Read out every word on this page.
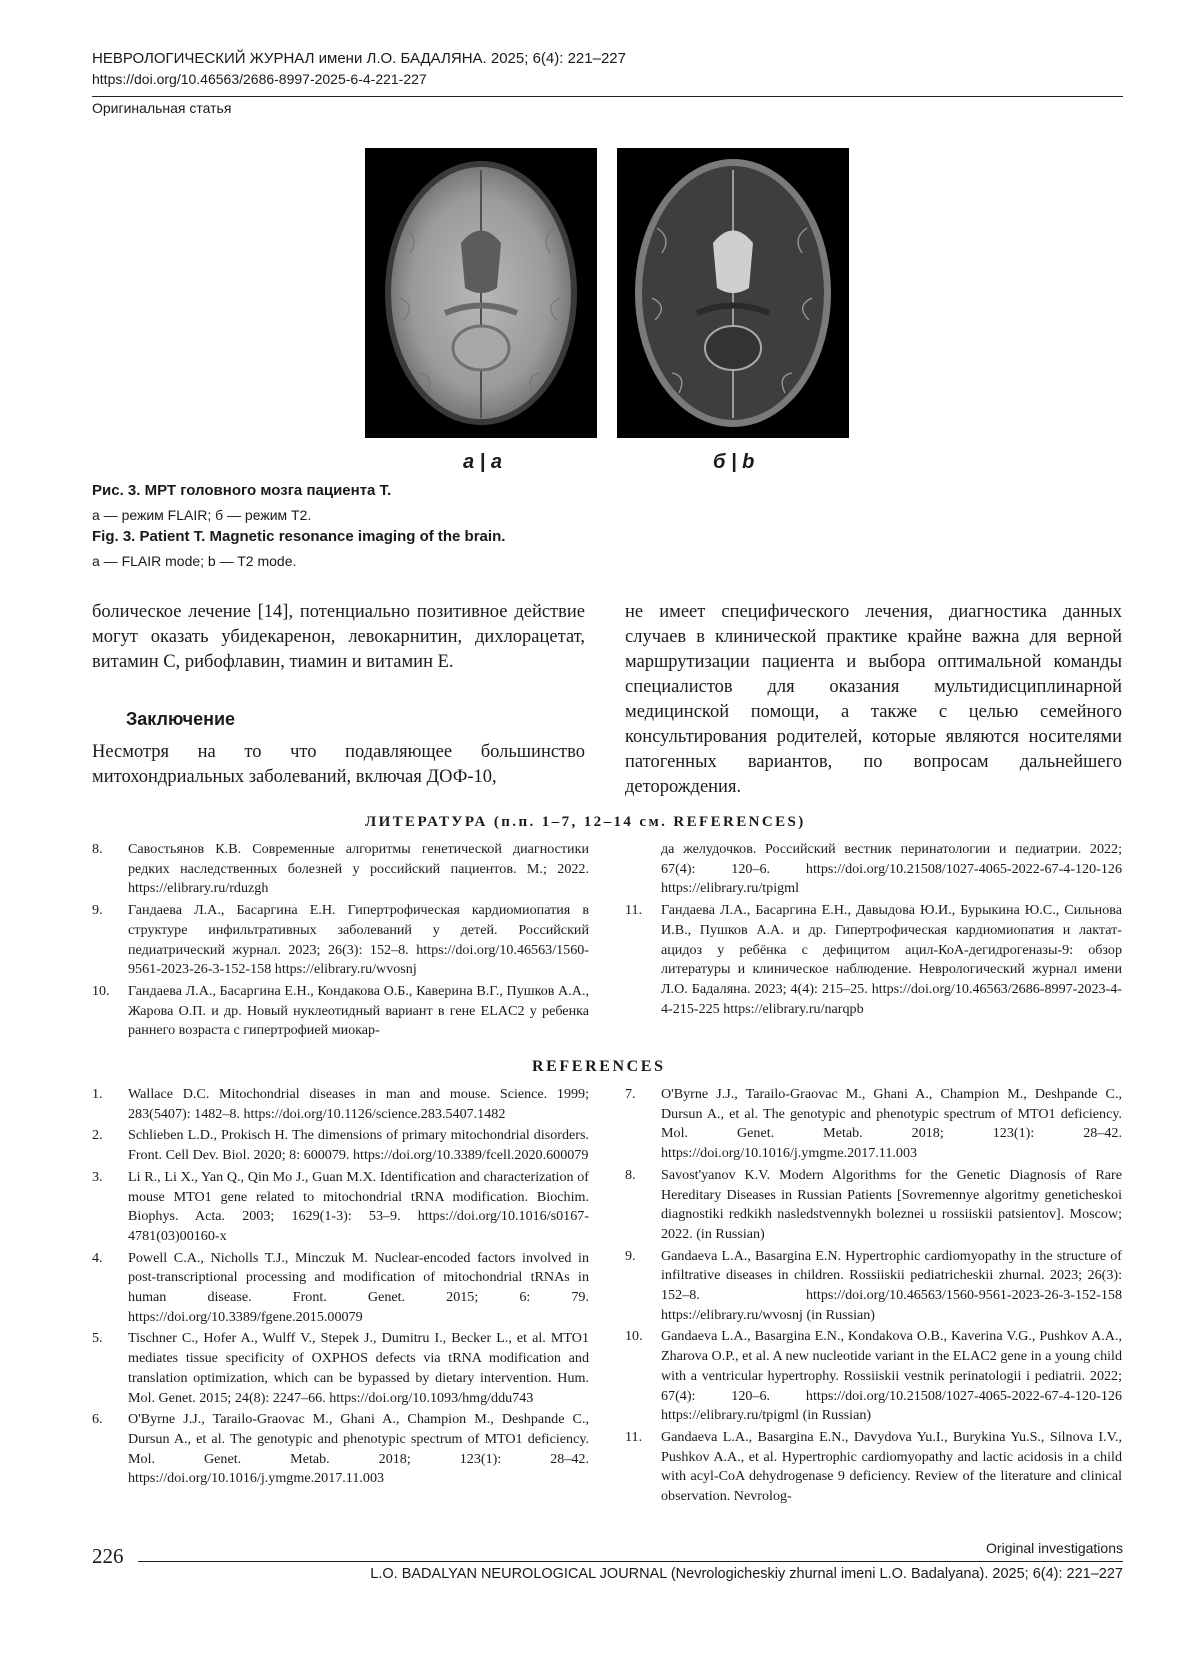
НЕВРОЛОГИЧЕСКИЙ ЖУРНАЛ имени Л.О. БАДАЛЯНА. 2025; 6(4): 221–227
https://doi.org/10.46563/2686-8997-2025-6-4-221-227
Оригинальная статья
а | a	б | b
Рис. 3. МРТ головного мозга пациента Т.
а — режим FLAIR; б — режим Т2.
Fig. 3. Patient T. Magnetic resonance imaging of the brain.
a — FLAIR mode; b — T2 mode.

болическое лечение [14], потенциально позитивное действие могут оказать убидекаренон, левокарнитин, дихлорацетат, витамин С, рибофлавин, тиамин и витамин Е.

Заключение

Несмотря на то что подавляющее большинство митохондриальных заболеваний, включая ДОФ-10,

не имеет специфического лечения, диагностика данных случаев в клинической практике крайне важна для верной маршрутизации пациента и выбора оптимальной команды специалистов для оказания мультидисциплинарной медицинской помощи, а также с целью семейного консультирования родителей, которые являются носителями патогенных вариантов, по вопросам дальнейшего деторождения.

ЛИТЕРАТУРА (п.п. 1–7, 12–14 см. REFERENCES)
8. Савостьянов К.В. Современные алгоритмы генетической диагностики редких наследственных болезней у российский пациентов. М.; 2022. https://elibrary.ru/rduzgh
9. Гандаева Л.А., Басаргина Е.Н. Гипертрофическая кардиомиопатия в структуре инфильтративных заболеваний у детей. Российский педиатрический журнал. 2023; 26(3): 152–8. https://doi.org/10.46563/1560-9561-2023-26-3-152-158 https://elibrary.ru/wvosnj
10. Гандаева Л.А., Басаргина Е.Н., Кондакова О.Б., Каверина В.Г., Пушков А.А., Жарова О.П. и др. Новый нуклеотидный вариант в гене ELAC2 у ребенка раннего возраста с гипертрофией миокар-
да желудочков. Российский вестник перинатологии и педиатрии. 2022; 67(4): 120–6. https://doi.org/10.21508/1027-4065-2022-67-4-120-126 https://elibrary.ru/tpigml
11. Гандаева Л.А., Басаргина Е.Н., Давыдова Ю.И., Бурыкина Ю.С., Сильнова И.В., Пушков А.А. и др. Гипертрофическая кардиомиопатия и лактат-ацидоз у ребёнка с дефицитом ацил-КоА-дегидрогеназы-9: обзор литературы и клиническое наблюдение. Неврологический журнал имени Л.О. Бадаляна. 2023; 4(4): 215–25. https://doi.org/10.46563/2686-8997-2023-4-4-215-225 https://elibrary.ru/narqpb
REFERENCES
1. Wallace D.C. Mitochondrial diseases in man and mouse. Science. 1999; 283(5407): 1482–8. https://doi.org/10.1126/science.283.5407.1482
2. Schlieben L.D., Prokisch H. The dimensions of primary mitochondrial disorders. Front. Cell Dev. Biol. 2020; 8: 600079. https://doi.org/10.3389/fcell.2020.600079
3. Li R., Li X., Yan Q., Qin Mo J., Guan M.X. Identification and characterization of mouse MTO1 gene related to mitochondrial tRNA modification. Biochim. Biophys. Acta. 2003; 1629(1-3): 53–9. https://doi.org/10.1016/s0167-4781(03)00160-x
4. Powell C.A., Nicholls T.J., Minczuk M. Nuclear-encoded factors involved in post-transcriptional processing and modification of mitochondrial tRNAs in human disease. Front. Genet. 2015; 6: 79. https://doi.org/10.3389/fgene.2015.00079
5. Tischner C., Hofer A., Wulff V., Stepek J., Dumitru I., Becker L., et al. MTO1 mediates tissue specificity of OXPHOS defects via tRNA modification and translation optimization, which can be bypassed by dietary intervention. Hum. Mol. Genet. 2015; 24(8): 2247–66. https://doi.org/10.1093/hmg/ddu743
6. O'Byrne J.J., Tarailo-Graovac M., Ghani A., Champion M., Deshpande C., Dursun A., et al. The genotypic and phenotypic spectrum of MTO1 deficiency. Mol. Genet. Metab. 2018; 123(1): 28–42. https://doi.org/10.1016/j.ymgme.2017.11.003
7. O'Byrne J.J., Tarailo-Graovac M., Ghani A., Champion M., Deshpande C., Dursun A., et al. The genotypic and phenotypic spectrum of MTO1 deficiency. Mol. Genet. Metab. 2018; 123(1): 28–42. https://doi.org/10.1016/j.ymgme.2017.11.003
8. Savost'yanov K.V. Modern Algorithms for the Genetic Diagnosis of Rare Hereditary Diseases in Russian Patients [Sovremennye algoritmy geneticheskoi diagnostiki redkikh nasledstvennykh boleznei u rossiiskii patsientov]. Moscow; 2022. (in Russian)
9. Gandaeva L.A., Basargina E.N. Hypertrophic cardiomyopathy in the structure of infiltrative diseases in children. Rossiiskii pediatricheskii zhurnal. 2023; 26(3): 152–8. https://doi.org/10.46563/1560-9561-2023-26-3-152-158 https://elibrary.ru/wvosnj (in Russian)
10. Gandaeva L.A., Basargina E.N., Kondakova O.B., Kaverina V.G., Pushkov A.A., Zharova O.P., et al. A new nucleotide variant in the ELAC2 gene in a young child with a ventricular hypertrophy. Rossiiskii vestnik perinatologii i pediatrii. 2022; 67(4): 120–6. https://doi.org/10.21508/1027-4065-2022-67-4-120-126 https://elibrary.ru/tpigml (in Russian)
11. Gandaeva L.A., Basargina E.N., Davydova Yu.I., Burykina Yu.S., Silnova I.V., Pushkov A.A., et al. Hypertrophic cardiomyopathy and lactic acidosis in a child with acyl-CoA dehydrogenase 9 deficiency. Review of the literature and clinical observation. Nevrolog-
226	Original investigations
L.O. BADALYAN NEUROLOGICAL JOURNAL (Nevrologicheskiy zhurnal imeni L.O. Badalyana). 2025; 6(4): 221–227
